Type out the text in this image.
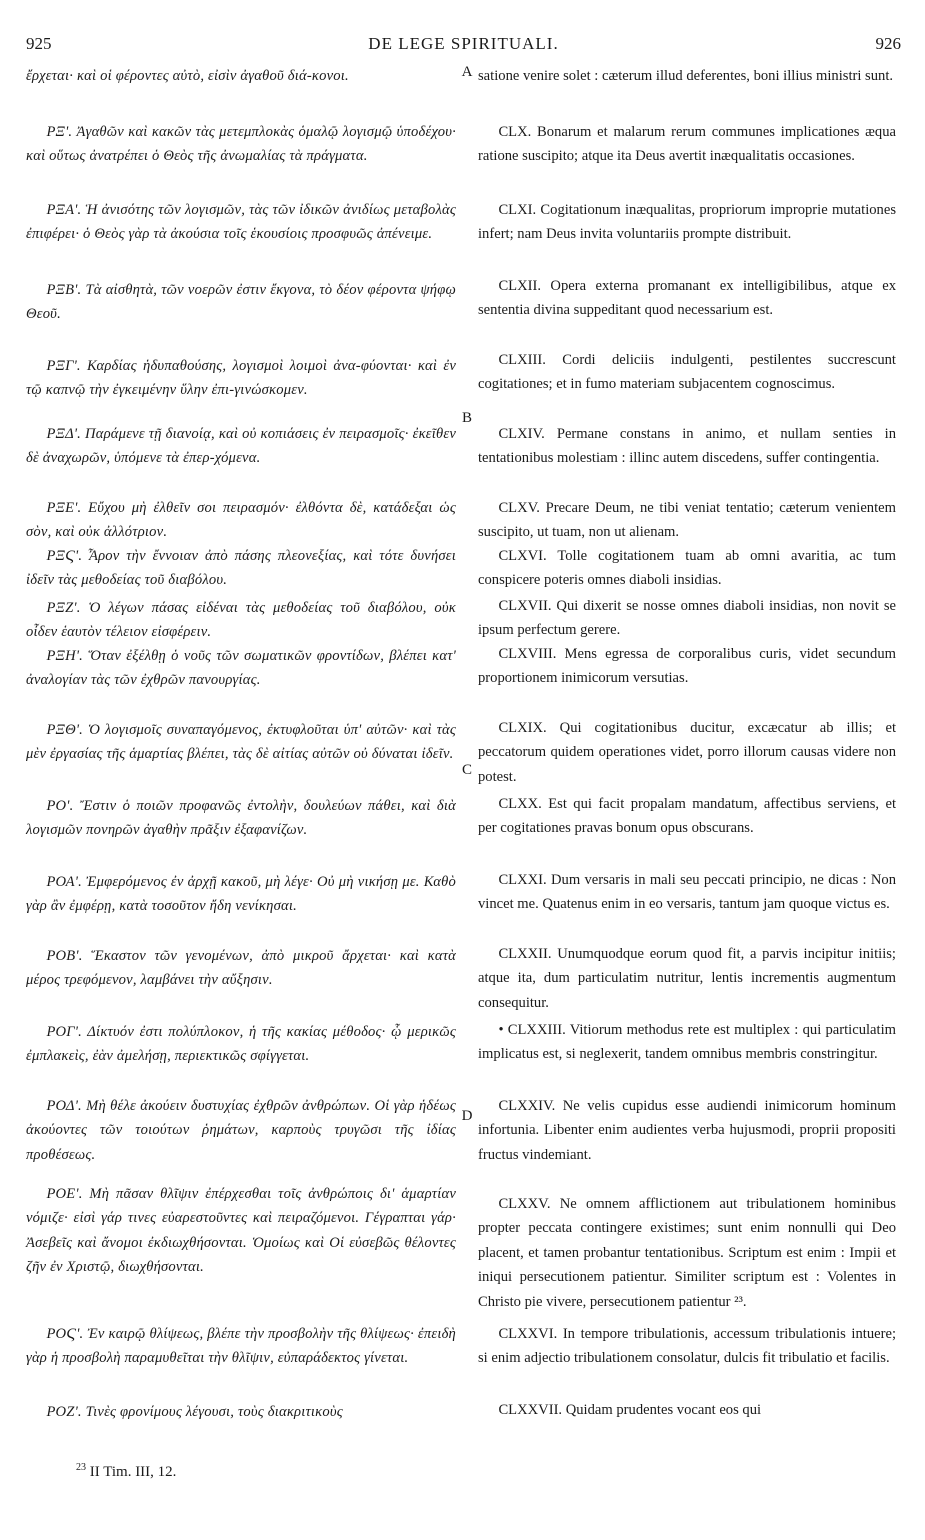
925	DE LEGE SPIRITUALI.	926

ἔρχεται· καὶ οἱ φέροντες αὐτὸ, εἰσὶν ἀγαθοῦ διά-κονοι.

ΡΞ'. Ἀγαθῶν καὶ κακῶν τὰς μετεμπλοκὰς ὁμαλῷ λογισμῷ ὑποδέχου· καὶ οὕτως ἀνατρέπει ὁ Θεὸς τῆς ἀνωμαλίας τὰ πράγματα.

ΡΞΑ'. Ἡ ἀνισότης τῶν λογισμῶν, τὰς τῶν ἰδικῶν ἀνιδίως μεταβολὰς ἐπιφέρει· ὁ Θεὸς γὰρ τὰ ἀκούσια τοῖς ἑκουσίοις προσφυῶς ἀπένειμε.

ΡΞΒ'. Τὰ αἰσθητὰ, τῶν νοερῶν ἐστιν ἔκγονα, τὸ δέον φέροντα ψήφῳ Θεοῦ.

ΡΞΓ'. Καρδίας ἡδυπαθούσης, λογισμοὶ λοιμοὶ ἀνα-φύονται· καὶ ἐν τῷ καπνῷ τὴν ἐγκειμένην ὕλην ἐπι-γινώσκομεν.

ΡΞΔ'. Παράμενε τῇ διανοίᾳ, καὶ οὐ κοπιάσεις ἐν πειρασμοῖς· ἐκεῖθεν δὲ ἀναχωρῶν, ὑπόμενε τὰ ἐπερ-χόμενα.

ΡΞΕ'. Εὔχου μὴ ἐλθεῖν σοι πειρασμόν· ἐλθόντα δὲ, κατάδεξαι ὡς σὸν, καὶ οὐκ ἀλλότριον.

ΡΞϚ'. Ἆρον τὴν ἔννοιαν ἀπὸ πάσης πλεονεξίας, καὶ τότε δυνήσει ἰδεῖν τὰς μεθοδείας τοῦ διαβόλου.

ΡΞΖ'. Ὁ λέγων πάσας εἰδέναι τὰς μεθοδείας τοῦ διαβόλου, οὐκ οἶδεν ἑαυτὸν τέλειον εἰσφέρειν.

ΡΞΗ'. Ὅταν ἐξέλθῃ ὁ νοῦς τῶν σωματικῶν φροντίδων, βλέπει κατ' ἀναλογίαν τὰς τῶν ἐχθρῶν πανουργίας.

ΡΞΘ'. Ὁ λογισμοῖς συναπαγόμενος, ἐκτυφλοῦται ὑπ' αὐτῶν· καὶ τὰς μὲν ἐργασίας τῆς ἁμαρτίας βλέπει, τὰς δὲ αἰτίας αὐτῶν οὐ δύναται ἰδεῖν.

ΡΟ'. Ἔστιν ὁ ποιῶν προφανῶς ἐντολὴν, δουλεύων πάθει, καὶ διὰ λογισμῶν πονηρῶν ἀγαθὴν πρᾶξιν ἐξαφανίζων.

ΡΟΑ'. Ἐμφερόμενος ἐν ἀρχῇ κακοῦ, μὴ λέγε· Οὐ μὴ νικήσῃ με. Καθὸ γὰρ ἂν ἐμφέρῃ, κατὰ τοσοῦτον ἤδη νενίκησαι.

ΡΟΒ'. Ἕκαστον τῶν γενομένων, ἀπὸ μικροῦ ἄρχεται· καὶ κατὰ μέρος τρεφόμενον, λαμβάνει τὴν αὔξησιν.

ΡΟΓ'. Δίκτυόν ἐστι πολύπλοκον, ἡ τῆς κακίας μέθοδος· ᾧ μερικῶς ἐμπλακεὶς, ἐὰν ἀμελήσῃ, περιεκτικῶς σφίγγεται.

ΡΟΔ'. Μὴ θέλε ἀκούειν δυστυχίας ἐχθρῶν ἀνθρώπων. Οἱ γὰρ ἡδέως ἀκούοντες τῶν τοιούτων ῥημάτων, καρποὺς τρυγῶσι τῆς ἰδίας προθέσεως.

ΡΟΕ'. Μὴ πᾶσαν θλῖψιν ἐπέρχεσθαι τοῖς ἀνθρώποις δι' ἁμαρτίαν νόμιζε· εἰσὶ γάρ τινες εὐαρεστοῦντες καὶ πειραζόμενοι. Γέγραπται γάρ· Ἀσεβεῖς καὶ ἄνομοι ἐκδιωχθήσονται. Ὁμοίως καὶ Οἱ εὐσεβῶς θέλοντες ζῆν ἐν Χριστῷ, διωχθήσονται.

ΡΟϚ'. Ἐν καιρῷ θλίψεως, βλέπε τὴν προσβολὴν τῆς θλίψεως· ἐπειδὴ γὰρ ἡ προσβολὴ παραμυθεῖται τὴν θλῖψιν, εὐπαράδεκτος γίνεται.

ΡΟΖ'. Τινὲς φρονίμους λέγουσι, τοὺς διακριτικοὺς

A
B
C
D

satione venire solet : cæterum illud deferentes, boni illius ministri sunt.

CLX. Bonarum et malarum rerum communes implicationes æqua ratione suscipito; atque ita Deus avertit inæqualitatis occasiones.

CLXI. Cogitationum inæqualitas, propriorum improprie mutationes infert; nam Deus invita voluntariis prompte distribuit.

CLXII. Opera externa promanant ex intelligibilibus, atque ex sententia divina suppeditant quod necessarium est.

CLXIII. Cordi deliciis indulgenti, pestilentes succrescunt cogitationes; et in fumo materiam subjacentem cognoscimus.

CLXIV. Permane constans in animo, et nullam senties in tentationibus molestiam : illinc autem discedens, suffer contingentia.

CLXV. Precare Deum, ne tibi veniat tentatio; cæterum venientem suscipito, ut tuam, non ut alienam.

CLXVI. Tolle cogitationem tuam ab omni avaritia, ac tum conspicere poteris omnes diaboli insidias.

CLXVII. Qui dixerit se nosse omnes diaboli insidias, non novit se ipsum perfectum gerere.

CLXVIII. Mens egressa de corporalibus curis, videt secundum proportionem inimicorum versutias.

CLXIX. Qui cogitationibus ducitur, excæcatur ab illis; et peccatorum quidem operationes videt, porro illorum causas videre non potest.

CLXX. Est qui facit propalam mandatum, affectibus serviens, et per cogitationes pravas bonum opus obscurans.

CLXXI. Dum versaris in mali seu peccati principio, ne dicas : Non vincet me. Quatenus enim in eo versaris, tantum jam quoque victus es.

CLXXII. Unumquodque eorum quod fit, a parvis incipitur initiis; atque ita, dum particulatim nutritur, lentis incrementis augmentum consequitur.

• CLXXIII. Vitiorum methodus rete est multiplex : qui particulatim implicatus est, si neglexerit, tandem omnibus membris constringitur.

CLXXIV. Ne velis cupidus esse audiendi inimicorum hominum infortunia. Libenter enim audientes verba hujusmodi, proprii propositi fructus vindemiant.

CLXXV. Ne omnem afflictionem aut tribulationem hominibus propter peccata contingere existimes; sunt enim nonnulli qui Deo placent, et tamen probantur tentationibus. Scriptum est enim : Impii et iniqui persecutionem patientur. Similiter scriptum est : Volentes in Christo pie vivere, persecutionem patientur ²³.

CLXXVI. In tempore tribulationis, accessum tribulationis intuere; si enim adjectio tribulationem consolatur, dulcis fit tribulatio et facilis.

CLXXVII. Quidam prudentes vocant eos qui

$^{23}$ II Tim. III, 12.
